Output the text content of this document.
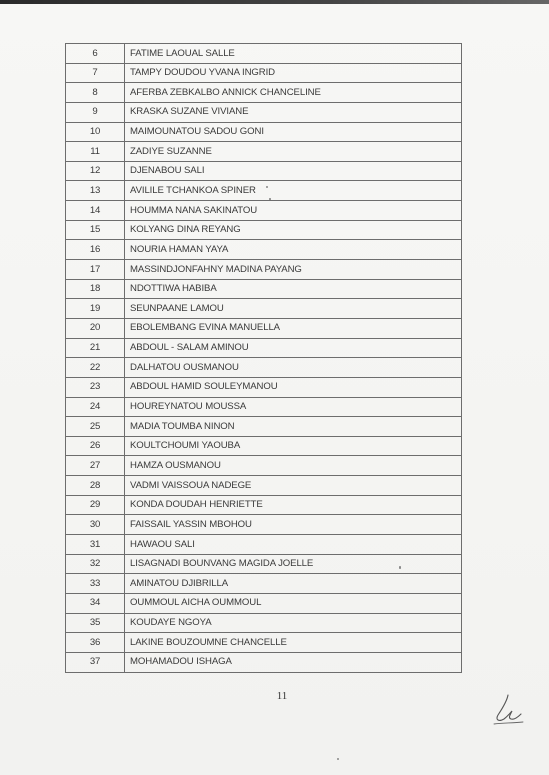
6	FATIME LAOUAL SALLE
7	TAMPY DOUDOU YVANA INGRID
8	AFERBA ZEBKALBO ANNICK CHANCELINE
9	KRASKA SUZANE VIVIANE
10	MAIMOUNATOU SADOU GONI
11	ZADIYE SUZANNE
12	DJENABOU SALI
13	AVILILE TCHANKOA SPINER
14	HOUMMA NANA SAKINATOU
15	KOLYANG DINA REYANG
16	NOURIA HAMAN YAYA
17	MASSINDJONFAHNY MADINA PAYANG
18	NDOTTIWA HABIBA
19	SEUNPAANE LAMOU
20	EBOLEMBANG EVINA MANUELLA
21	ABDOUL - SALAM AMINOU
22	DALHATOU OUSMANOU
23	ABDOUL HAMID SOULEYMANOU
24	HOUREYNATOU MOUSSA
25	MADIA TOUMBA NINON
26	KOULTCHOUMI YAOUBA
27	HAMZA OUSMANOU
28	VADMI VAISSOUA NADEGE
29	KONDA DOUDAH HENRIETTE
30	FAISSAIL YASSIN MBOHOU
31	HAWAOU SALI
32	LISAGNADI BOUNVANG MAGIDA JOELLE
33	AMINATOU DJIBRILLA
34	OUMMOUL AICHA OUMMOUL
35	KOUDAYE NGOYA
36	LAKINE BOUZOUMNE CHANCELLE
37	MOHAMADOU ISHAGA
11
